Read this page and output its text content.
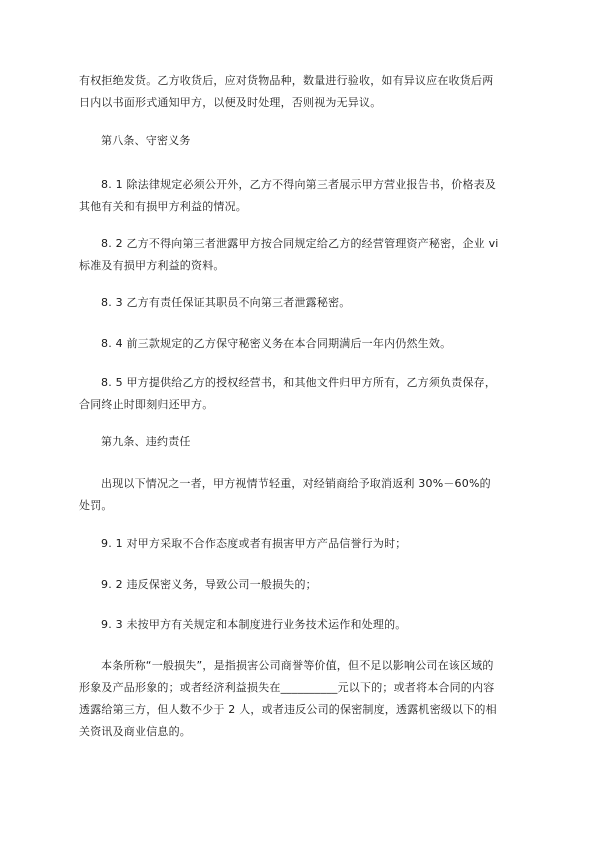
有权拒绝发货。乙方收货后，应对货物品种，数量进行验收，如有异议应在收货后两
日内以书面形式通知甲方，以便及时处理，否则视为无异议。

第八条、守密义务

8. 1 除法律规定必须公开外，乙方不得向第三者展示甲方营业报告书，价格表及
其他有关和有损甲方利益的情况。

8. 2 乙方不得向第三者泄露甲方按合同规定给乙方的经营管理资产秘密，企业 vi
标准及有损甲方利益的资料。

8. 3 乙方有责任保证其职员不向第三者泄露秘密。

8. 4 前三款规定的乙方保守秘密义务在本合同期满后一年内仍然生效。

8. 5 甲方提供给乙方的授权经营书，和其他文件归甲方所有，乙方须负责保存，
合同终止时即刻归还甲方。

第九条、违约责任

出现以下情况之一者，甲方视情节轻重，对经销商给予取消返利 30%－60%的
处罚。

9. 1 对甲方采取不合作态度或者有损害甲方产品信誉行为时；

9. 2 违反保密义务，导致公司一般损失的；

9. 3 未按甲方有关规定和本制度进行业务技术运作和处理的。

本条所称“一般损失”，是指损害公司商誉等价值，但不足以影响公司在该区域的
形象及产品形象的；或者经济利益损失在__________元以下的；或者将本合同的内容
透露给第三方，但人数不少于 2 人，或者违反公司的保密制度，透露机密级以下的相
关资讯及商业信息的。
